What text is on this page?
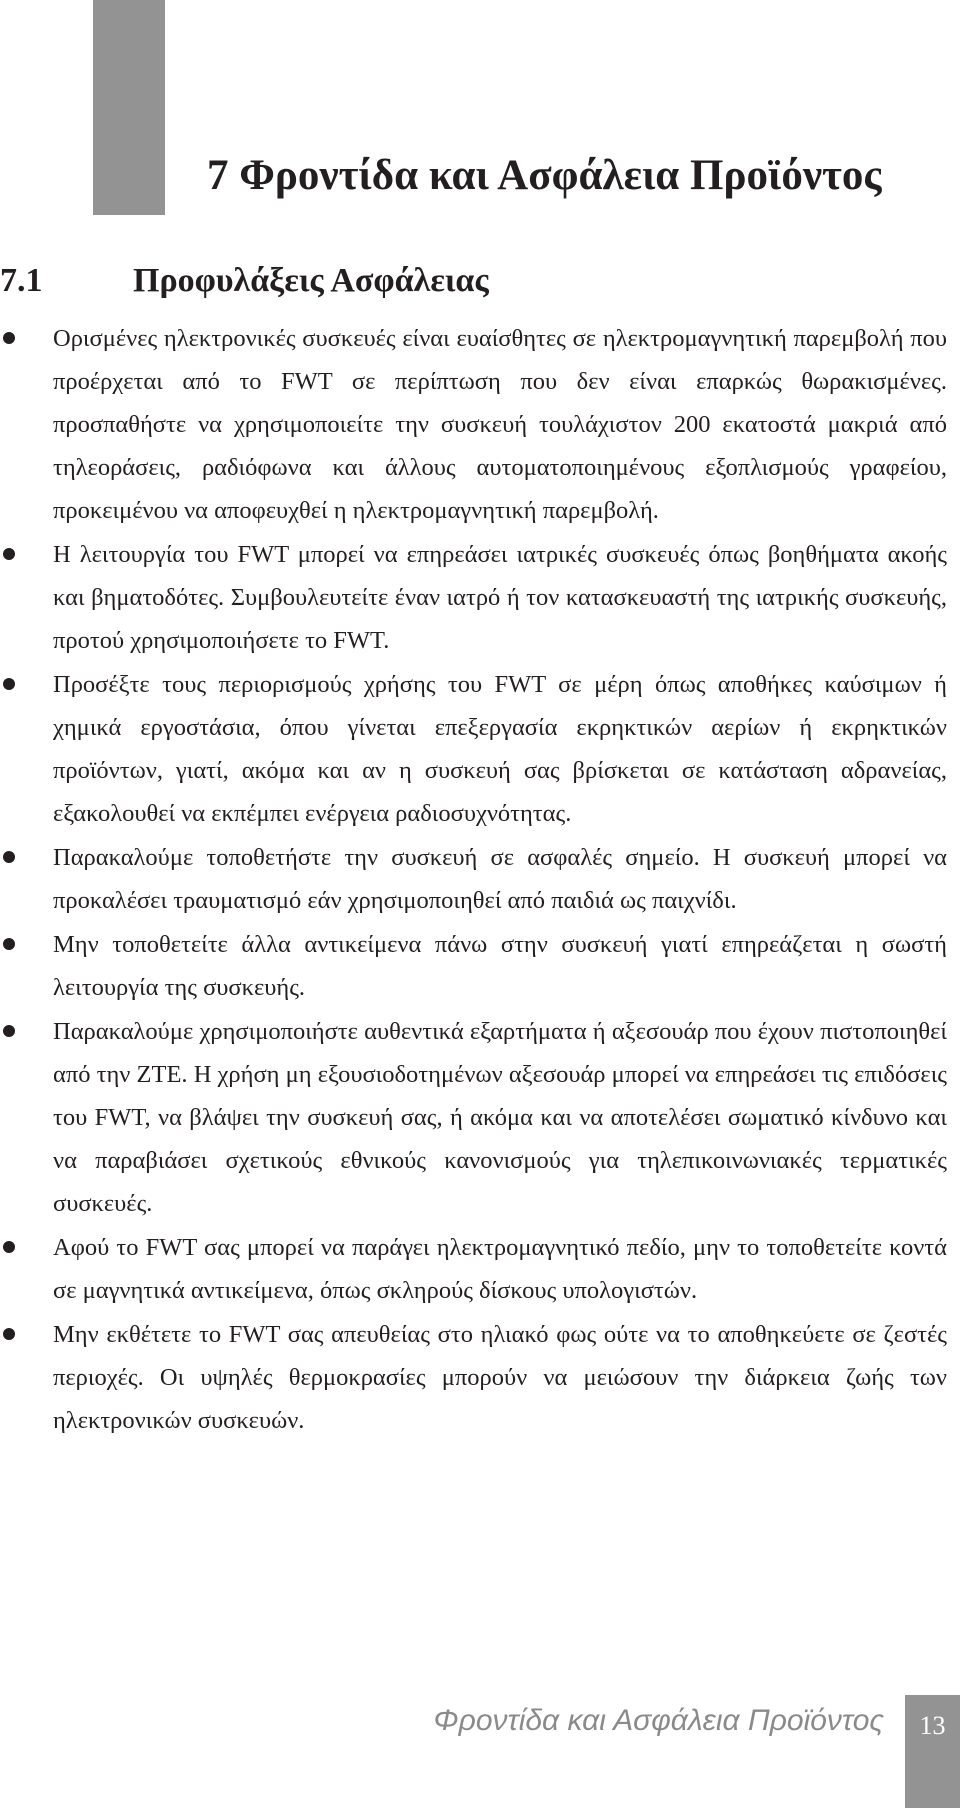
7 Φροντίδα και Ασφάλεια Προϊόντος
7.1	Προφυλάξεις Ασφάλειας
Ορισμένες ηλεκτρονικές συσκευές είναι ευαίσθητες σε ηλεκτρομαγνητική παρεμβολή που προέρχεται από το FWT σε περίπτωση που δεν είναι επαρκώς θωρακισμένες. προσπαθήστε να χρησιμοποιείτε την συσκευή τουλάχιστον 200 εκατοστά μακριά από τηλεοράσεις, ραδιόφωνα και άλλους αυτοματοποιημένους εξοπλισμούς γραφείου, προκειμένου να αποφευχθεί η ηλεκτρομαγνητική παρεμβολή.
Η λειτουργία του FWT μπορεί να επηρεάσει ιατρικές συσκευές όπως βοηθήματα ακοής και βηματοδότες. Συμβουλευτείτε έναν ιατρό ή τον κατασκευαστή της ιατρικής συσκευής, προτού χρησιμοποιήσετε το FWT.
Προσέξτε τους περιορισμούς χρήσης του FWT σε μέρη όπως αποθήκες καύσιμων ή χημικά εργοστάσια, όπου γίνεται επεξεργασία εκρηκτικών αερίων ή εκρηκτικών προϊόντων, γιατί, ακόμα και αν η συσκευή σας βρίσκεται σε κατάσταση αδρανείας, εξακολουθεί να εκπέμπει ενέργεια ραδιοσυχνότητας.
Παρακαλούμε τοποθετήστε την συσκευή σε ασφαλές σημείο. Η συσκευή μπορεί να προκαλέσει τραυματισμό εάν χρησιμοποιηθεί από παιδιά ως παιχνίδι.
Μην τοποθετείτε άλλα αντικείμενα πάνω στην συσκευή γιατί επηρεάζεται η σωστή λειτουργία της συσκευής.
Παρακαλούμε χρησιμοποιήστε αυθεντικά εξαρτήματα ή αξεσουάρ που έχουν πιστοποιηθεί από την ZTE. Η χρήση μη εξουσιοδοτημένων αξεσουάρ μπορεί να επηρεάσει τις επιδόσεις του FWT, να βλάψει την συσκευή σας, ή ακόμα και να αποτελέσει σωματικό κίνδυνο και να παραβιάσει σχετικούς εθνικούς κανονισμούς για τηλεπικοινωνιακές τερματικές συσκευές.
Αφού το FWT σας μπορεί να παράγει ηλεκτρομαγνητικό πεδίο, μην το τοποθετείτε κοντά σε μαγνητικά αντικείμενα, όπως σκληρούς δίσκους υπολογιστών.
Μην εκθέτετε το FWT σας απευθείας στο ηλιακό φως ούτε να το αποθηκεύετε σε ζεστές περιοχές. Οι υψηλές θερμοκρασίες μπορούν να μειώσουν την διάρκεια ζωής των ηλεκτρονικών συσκευών.
Φροντίδα και Ασφάλεια Προϊόντος	13
